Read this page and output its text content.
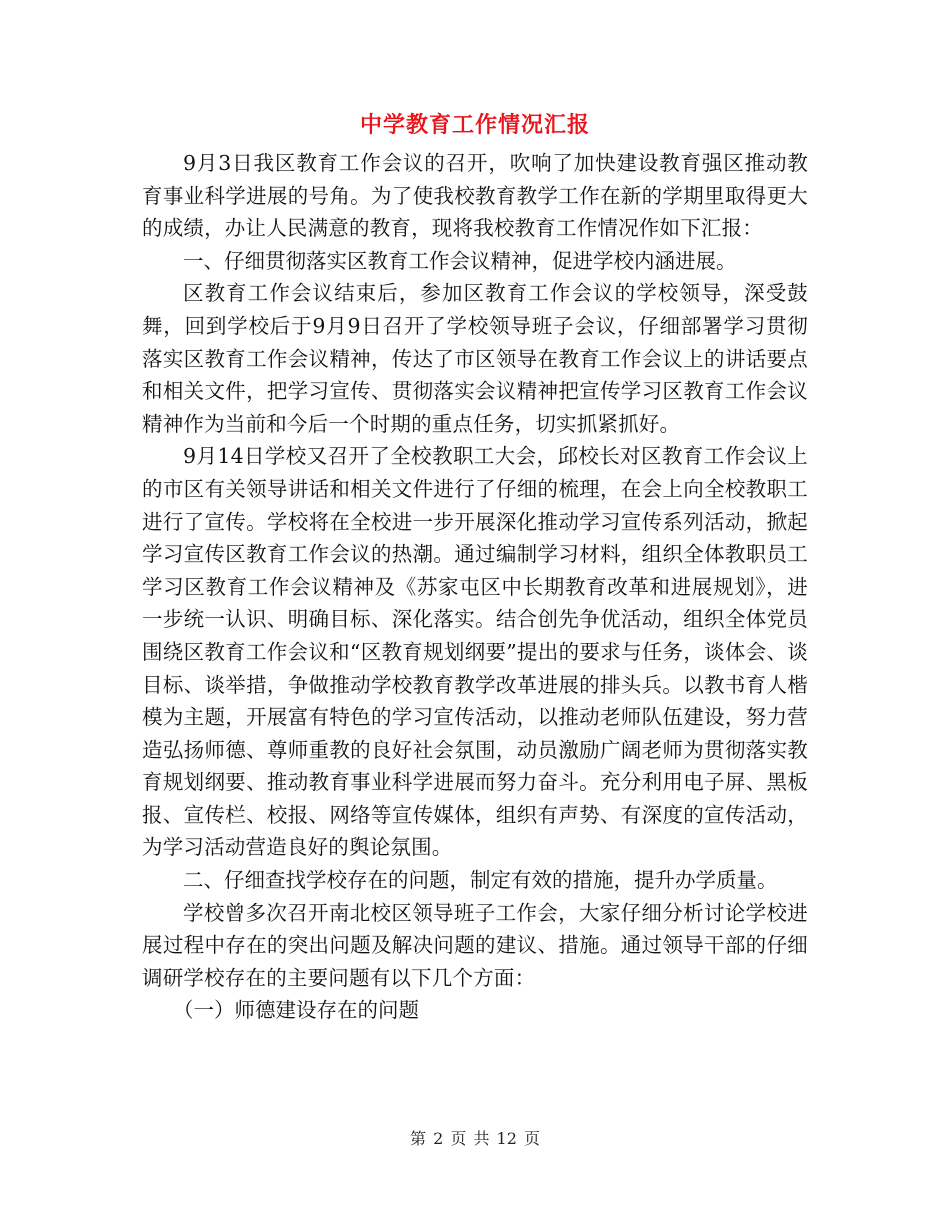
中学教育工作情况汇报

9月3日我区教育工作会议的召开，吹响了加快建设教育强区推动教育事业科学进展的号角。为了使我校教育教学工作在新的学期里取得更大的成绩，办让人民满意的教育，现将我校教育工作情况作如下汇报：

一、仔细贯彻落实区教育工作会议精神，促进学校内涵进展。

区教育工作会议结束后，参加区教育工作会议的学校领导，深受鼓舞，回到学校后于9月9日召开了学校领导班子会议，仔细部署学习贯彻落实区教育工作会议精神，传达了市区领导在教育工作会议上的讲话要点和相关文件，把学习宣传、贯彻落实会议精神把宣传学习区教育工作会议精神作为当前和今后一个时期的重点任务，切实抓紧抓好。

9月14日学校又召开了全校教职工大会，邱校长对区教育工作会议上的市区有关领导讲话和相关文件进行了仔细的梳理，在会上向全校教职工进行了宣传。学校将在全校进一步开展深化推动学习宣传系列活动，掀起学习宣传区教育工作会议的热潮。通过编制学习材料，组织全体教职员工学习区教育工作会议精神及《苏家屯区中长期教育改革和进展规划》，进一步统一认识、明确目标、深化落实。结合创先争优活动，组织全体党员围绕区教育工作会议和“区教育规划纲要”提出的要求与任务，谈体会、谈目标、谈举措，争做推动学校教育教学改革进展的排头兵。以教书育人楷模为主题，开展富有特色的学习宣传活动，以推动老师队伍建设，努力营造弘扬师德、尊师重教的良好社会氛围，动员激励广阔老师为贯彻落实教育规划纲要、推动教育事业科学进展而努力奋斗。充分利用电子屏、黑板报、宣传栏、校报、网络等宣传媒体，组织有声势、有深度的宣传活动，为学习活动营造良好的舆论氛围。

二、仔细查找学校存在的问题，制定有效的措施，提升办学质量。

学校曾多次召开南北校区领导班子工作会，大家仔细分析讨论学校进展过程中存在的突出问题及解决问题的建议、措施。通过领导干部的仔细调研学校存在的主要问题有以下几个方面：

（一）师德建设存在的问题

第 2 页 共 12 页
